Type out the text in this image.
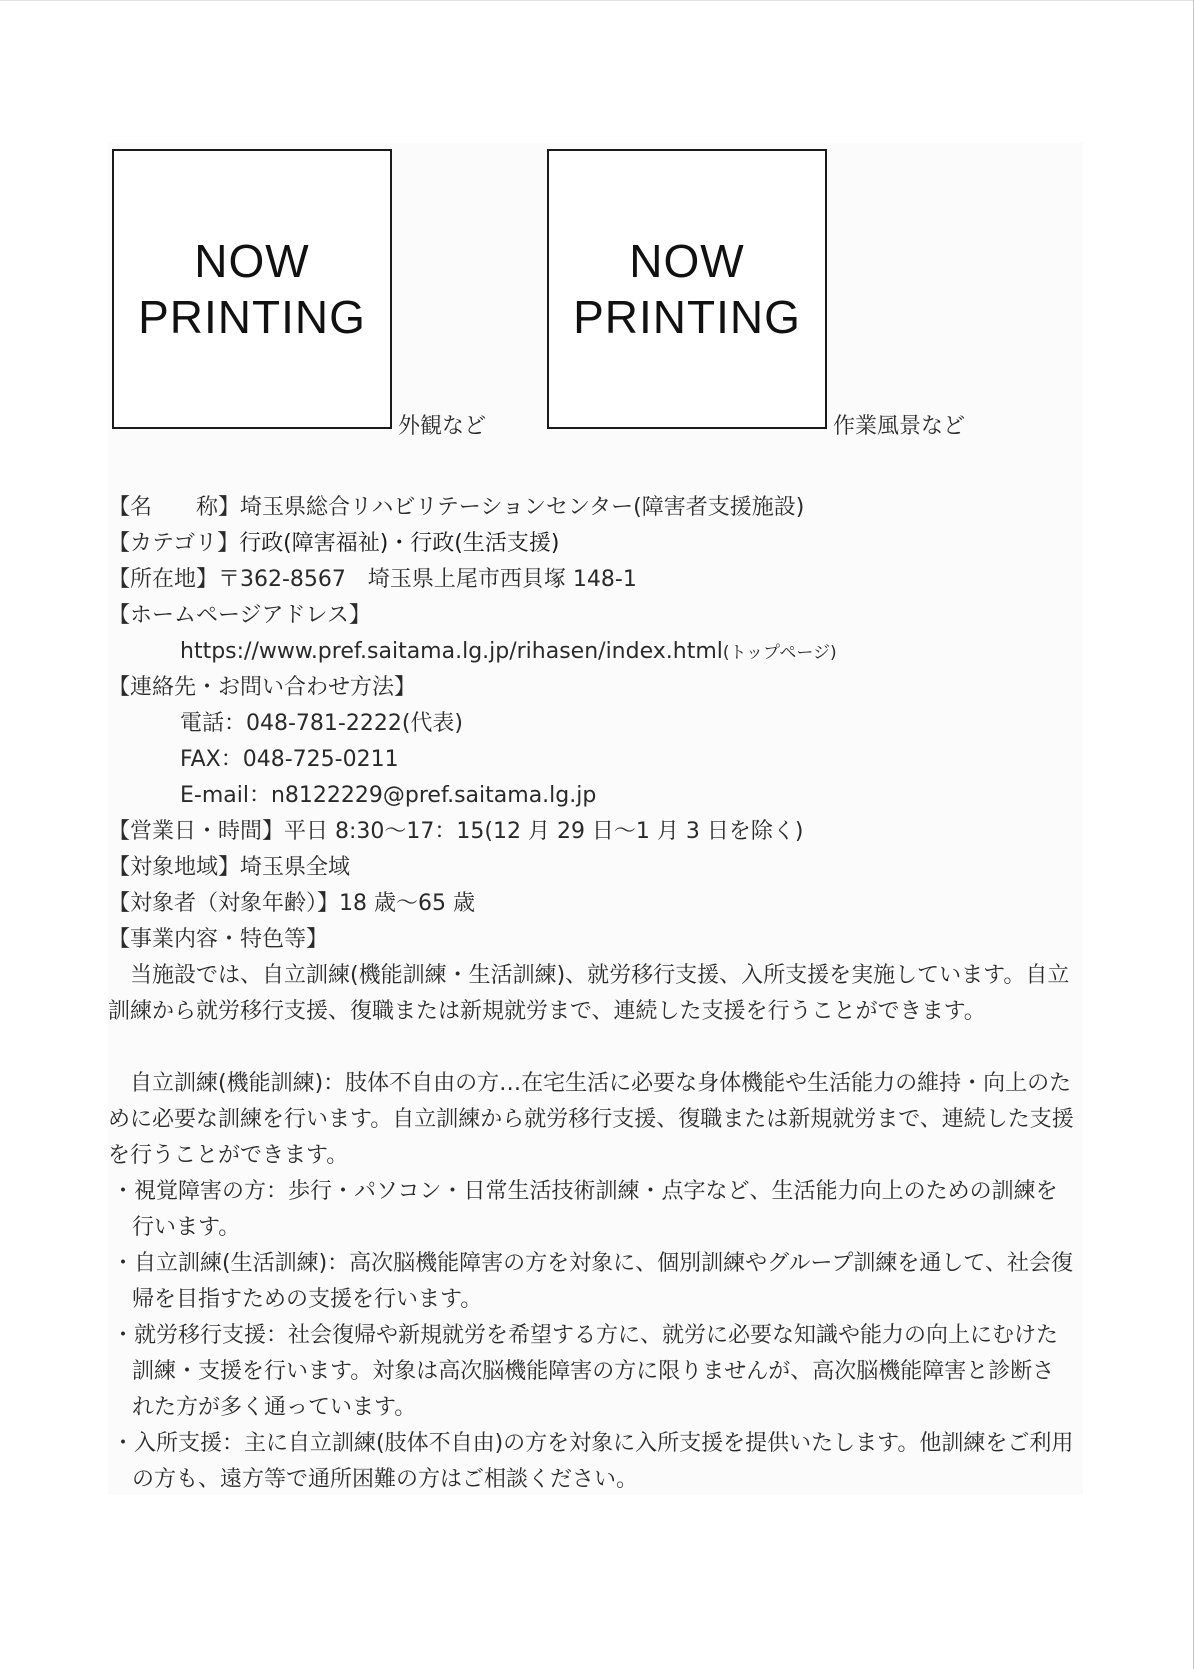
NOW
PRINTING
外観など
NOW
PRINTING
作業風景など
【名　　称】埼玉県総合リハビリテーションセンター(障害者支援施設)
【カテゴリ】行政(障害福祉)・行政(生活支援)
【所在地】〒362-8567　埼玉県上尾市西貝塚 148-1
【ホームページアドレス】
https://www.pref.saitama.lg.jp/rihasen/index.html(トップページ)
【連絡先・お問い合わせ方法】
電話：048-781-2222(代表)
FAX：048-725-0211
E-mail：n8122229@pref.saitama.lg.jp
【営業日・時間】平日 8:30～17：15(12 月 29 日～1 月 3 日を除く)
【対象地域】埼玉県全域
【対象者（対象年齢）】18 歳～65 歳
【事業内容・特色等】
　当施設では、自立訓練(機能訓練・生活訓練)、就労移行支援、入所支援を実施しています。自立訓練から就労移行支援、復職または新規就労まで、連続した支援を行うことができます。
　自立訓練(機能訓練)：肢体不自由の方…在宅生活に必要な身体機能や生活能力の維持・向上のために必要な訓練を行います。自立訓練から就労移行支援、復職または新規就労まで、連続した支援を行うことができます。
・視覚障害の方：歩行・パソコン・日常生活技術訓練・点字など、生活能力向上のための訓練を行います。
・自立訓練(生活訓練)：高次脳機能障害の方を対象に、個別訓練やグループ訓練を通して、社会復帰を目指すための支援を行います。
・就労移行支援：社会復帰や新規就労を希望する方に、就労に必要な知識や能力の向上にむけた訓練・支援を行います。対象は高次脳機能障害の方に限りませんが、高次脳機能障害と診断された方が多く通っています。
・入所支援：主に自立訓練(肢体不自由)の方を対象に入所支援を提供いたします。他訓練をご利用の方も、遠方等で通所困難の方はご相談ください。
